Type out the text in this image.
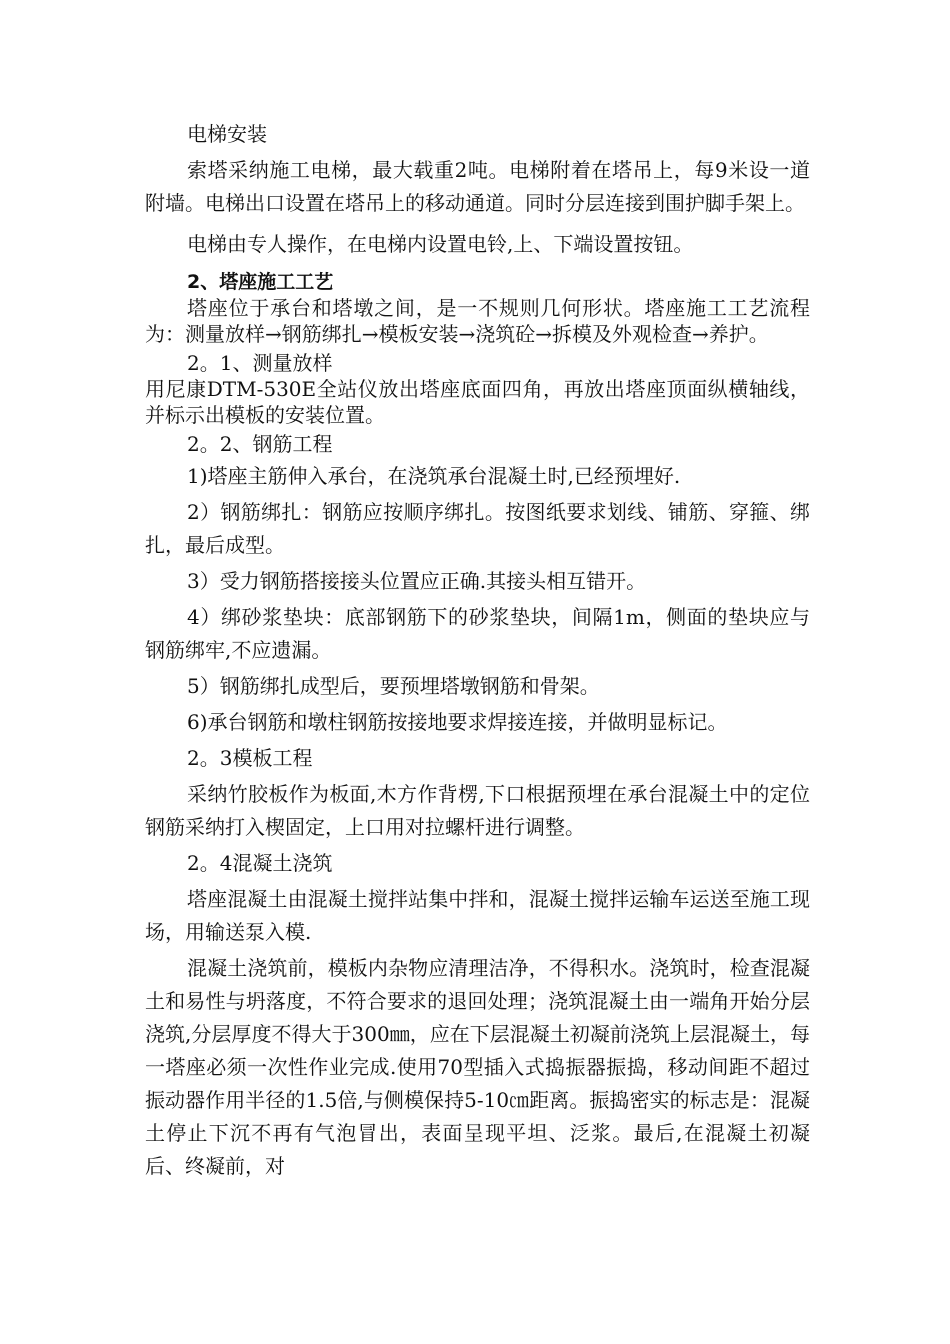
电梯安装

索塔采纳施工电梯，最大载重2吨。电梯附着在塔吊上，每9米设一道附墙。电梯出口设置在塔吊上的移动通道。同时分层连接到围护脚手架上。

电梯由专人操作，在电梯内设置电铃,上、下端设置按钮。

2、塔座施工工艺

塔座位于承台和塔墩之间，是一不规则几何形状。塔座施工工艺流程为：测量放样→钢筋绑扎→模板安装→浇筑砼→拆模及外观检查→养护。

2。1、测量放样

用尼康DTM-530E全站仪放出塔座底面四角，再放出塔座顶面纵横轴线，并标示出模板的安装位置。

2。2、钢筋工程

1)塔座主筋伸入承台，在浇筑承台混凝土时,已经预埋好.

2）钢筋绑扎：钢筋应按顺序绑扎。按图纸要求划线、铺筋、穿箍、绑扎，最后成型。

3）受力钢筋搭接接头位置应正确.其接头相互错开。

4）绑砂浆垫块：底部钢筋下的砂浆垫块，间隔1m，侧面的垫块应与钢筋绑牢,不应遗漏。

5）钢筋绑扎成型后，要预埋塔墩钢筋和骨架。

6)承台钢筋和墩柱钢筋按接地要求焊接连接，并做明显标记。

2。3模板工程

采纳竹胶板作为板面,木方作背楞,下口根据预埋在承台混凝土中的定位钢筋采纳打入楔固定，上口用对拉螺杆进行调整。

2。4混凝土浇筑

塔座混凝土由混凝土搅拌站集中拌和，混凝土搅拌运输车运送至施工现场，用输送泵入模.

混凝土浇筑前，模板内杂物应清理洁净，不得积水。浇筑时，检查混凝土和易性与坍落度，不符合要求的退回处理；浇筑混凝土由一端角开始分层浇筑,分层厚度不得大于300㎜，应在下层混凝土初凝前浇筑上层混凝土，每一塔座必须一次性作业完成.使用70型插入式捣振器振捣，移动间距不超过振动器作用半径的1.5倍,与侧模保持5-10㎝距离。振捣密实的标志是：混凝土停止下沉不再有气泡冒出，表面呈现平坦、泛浆。最后,在混凝土初凝后、终凝前，对
